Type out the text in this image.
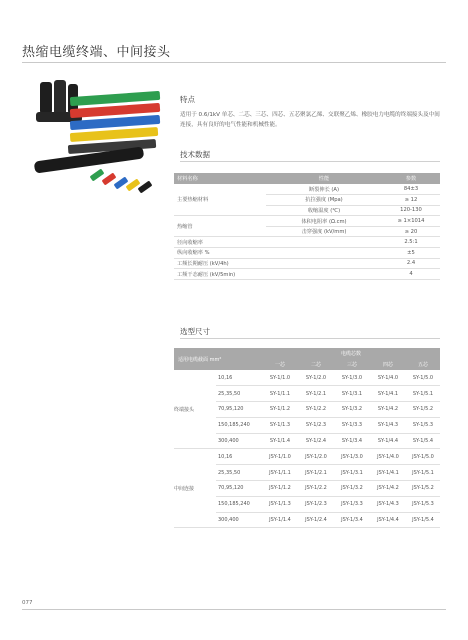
热缩电缆终端、中间接头
特点
适用于 0.6/1kV 单芯、二芯、三芯、四芯、五芯聚氯乙烯、交联聚乙烯、橡胶电力电缆的终端接头及中间连接，具有良好的电气性能和机械性能。
技术数据
材料名称	性能	参数
主要热缩材料	断裂伸长 (A)	84±3
	抗拉强度 (Mpa)	≥ 12
	收缩温度 (℃)	120-130
热缩管	体积电阻率 (Ω.cm)	≥ 1×1014
	击穿强度 (kV/mm)	≥ 20
径向收缩率		2.5:1
纵向收缩率 %		±5
工频长期耐压 (kV/4h)		2.4
工频干态耐压 (kV/5min)		4
选型尺寸
适用电缆截面 mm²		电缆芯数				
		一芯	二芯	三芯	四芯	五芯
终端接头	10,16	SY-1/1.0	SY-1/2.0	SY-1/3.0	SY-1/4.0	SY-1/5.0
	25,35,50	SY-1/1.1	SY-1/2.1	SY-1/3.1	SY-1/4.1	SY-1/5.1
	70,95,120	SY-1/1.2	SY-1/2.2	SY-1/3.2	SY-1/4.2	SY-1/5.2
	150,185,240	SY-1/1.3	SY-1/2.3	SY-1/3.3	SY-1/4.3	SY-1/5.3
	300,400	SY-1/1.4	SY-1/2.4	SY-1/3.4	SY-1/4.4	SY-1/5.4
中间连接	10,16	JSY-1/1.0	JSY-1/2.0	JSY-1/3.0	JSY-1/4.0	JSY-1/5.0
	25,35,50	JSY-1/1.1	JSY-1/2.1	JSY-1/3.1	JSY-1/4.1	JSY-1/5.1
	70,95,120	JSY-1/1.2	JSY-1/2.2	JSY-1/3.2	JSY-1/4.2	JSY-1/5.2
	150,185,240	JSY-1/1.3	JSY-1/2.3	JSY-1/3.3	JSY-1/4.3	JSY-1/5.3
	300,400	JSY-1/1.4	JSY-1/2.4	JSY-1/3.4	JSY-1/4.4	JSY-1/5.4
077
